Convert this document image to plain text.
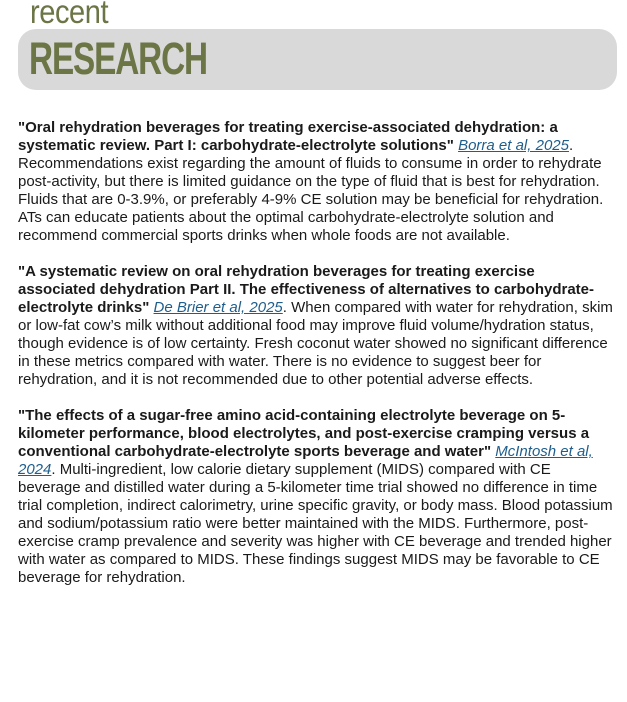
recent
RESEARCH

"Oral rehydration beverages for treating exercise-associated dehydration: a systematic review. Part I: carbohydrate-electrolyte solutions" Borra et al, 2025. Recommendations exist regarding the amount of fluids to consume in order to rehydrate post-activity, but there is limited guidance on the type of fluid that is best for rehydration. Fluids that are 0-3.9%, or preferably 4-9% CE solution may be beneficial for rehydration. ATs can educate patients about the optimal carbohydrate-electrolyte solution and recommend commercial sports drinks when whole foods are not available.

"A systematic review on oral rehydration beverages for treating exercise associated dehydration Part II. The effectiveness of alternatives to carbohydrate-electrolyte drinks" De Brier et al, 2025. When compared with water for rehydration, skim or low-fat cow’s milk without additional food may improve fluid volume/hydration status, though evidence is of low certainty. Fresh coconut water showed no significant difference in these metrics compared with water. There is no evidence to suggest beer for rehydration, and it is not recommended due to other potential adverse effects.

"The effects of a sugar-free amino acid-containing electrolyte beverage on 5-kilometer performance, blood electrolytes, and post-exercise cramping versus a conventional carbohydrate-electrolyte sports beverage and water" McIntosh et al, 2024. Multi-ingredient, low calorie dietary supplement (MIDS) compared with CE beverage and distilled water during a 5-kilometer time trial showed no difference in time trial completion, indirect calorimetry, urine specific gravity, or body mass. Blood potassium and sodium/potassium ratio were better maintained with the MIDS. Furthermore, post-exercise cramp prevalence and severity was higher with CE beverage and trended higher with water as compared to MIDS. These findings suggest MIDS may be favorable to CE beverage for rehydration.
